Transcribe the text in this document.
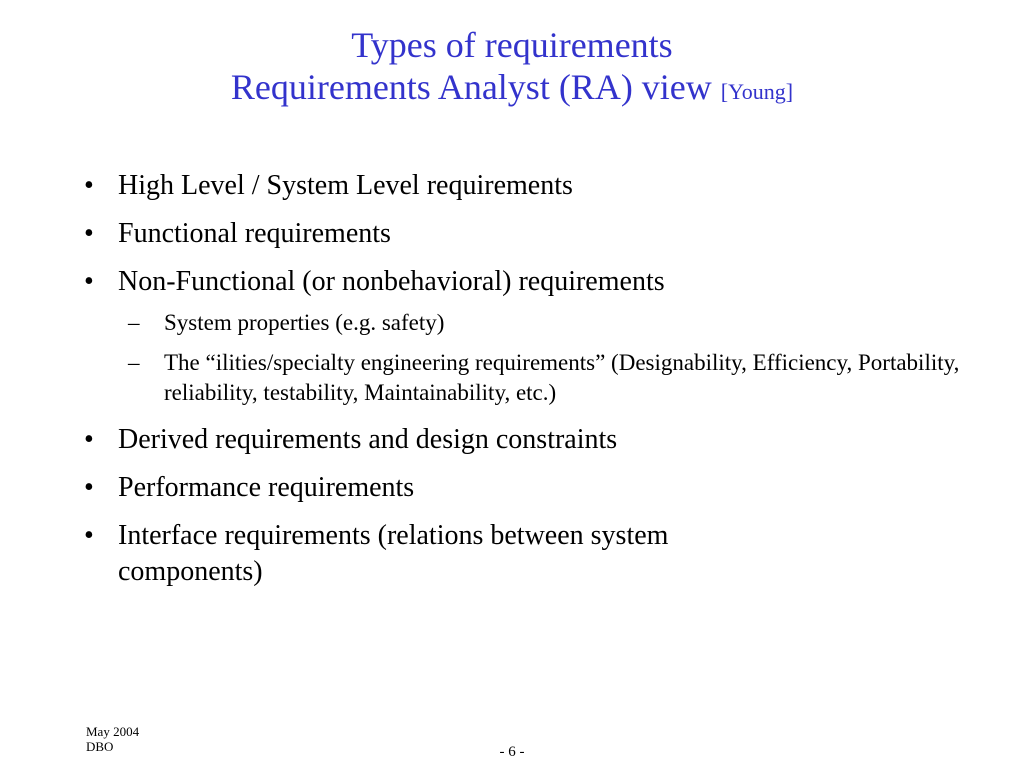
Types of requirements
Requirements Analyst (RA) view [Young]
• High Level / System Level requirements
• Functional requirements
• Non-Functional (or nonbehavioral) requirements
– System properties (e.g. safety)
– The “ilities/specialty engineering requirements” (Designability, Efficiency, Portability, reliability, testability, Maintainability, etc.)
• Derived requirements and design constraints
• Performance requirements
• Interface requirements (relations between system components)
May 2004
DBO	- 6 -
